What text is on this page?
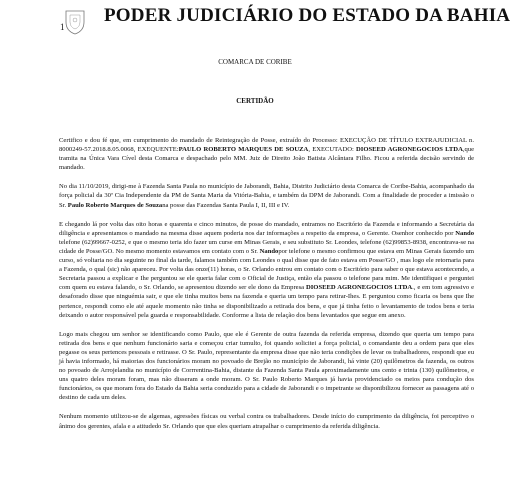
1
PODER JUDICIÁRIO DO ESTADO DA BAHIA
COMARCA DE CORIBE
CERTIDÃO

Certifico e dou fé que, em cumprimento do mandado de Reintegração de Posse, extraído do Processo: EXECUÇÃO DE TÍTULO EXTRAJUDICIAL n. 8000249-57.2018.8.05.0068, EXEQUENTE:PAULO ROBERTO MARQUES DE SOUZA, EXECUTADO: DIOSEED AGRONEGOCIOS LTDA,que tramita na Única Vara Cível desta Comarca e despachado pelo MM. Juiz de Direito João Batista Alcântara Filho. Ficou a referida decisão servindo de mandado.

No dia 11/10/2019, dirigi-me à Fazenda Santa Paula no município de Jaborandi, Bahia, Distrito Judiciário desta Comarca de Coribe-Bahia, acompanhado da força policial da 30ª Cia Independente da PM de Santa Maria da Vitória-Bahia, e também da DPM de Jaborandi. Com a finalidade de proceder a imissão o Sr. Paulo Roberto Marques de Souzana posse das Fazendas Santa Paula I, II, III e IV.

E chegando lá por volta das oito horas e quarenta e cinco minutos, de posse do mandado, entramos no Escritório da Fazenda e informando a Secretária da diligência e apresentamos o mandado na mesma disse aquem poderia nos dar informações a respeito da empresa, o Gerente. Osenhor conhecido por Nando telefone (62)99667-0252, e que o mesmo teria ido fazer um curse em Minas Gerais, e seu substituto Sr. Leondes, telefone (62)99853-8938, encontrava-se na cidade de Posse/GO. No mesmo momento estavamos em contato com o Sr. Nandopor telefone o mesmo confirmou que estava em Minas Gerais fazendo um curso, só voltaria no dia seguinte no final da tarde, falamos também com Leondes o qual disse que de fato estava em Posse/GO , mas logo ele retornaria para a Fazenda, o qual (sic) não apareceu. Por volta das onze(11) horas, o Sr. Orlando entrou em contato com o Escritório para saber o que estava acontecendo, a Secretaria passou a explicar e Ihe perguntou se ele queria falar com o Oficial de Justiça, então ela passou o telefone para mim. Me identifiquei e perguntei com quem eu estava falando, o Sr. Orlando, se apresentou dizendo ser ele dono da Empresa DIOSEED AGRONEGOCIOS LTDA., e em tom agressivo e desaforado disse que ninguémia sair, e que ele tinha muitos bens na fazenda e queria um tempo para retirar-Ihes. E perguntou como ficaria os bens que Ihe pertence, respondi como ele até aquele momento não tinha se disponibilizado a retirada dos bens, e que já tinha feito o levantamento de todos bens e teria deixando o autor responsável pela guarda e responsabilidade. Conforme a lista de relação dos bens levantados que segue em anexo.

Logo mais chegou um senhor se identificando como Paulo, que ele é Gerente de outra fazenda da referida empresa, dizendo que queria um tempo para retirada dos bens e que nenhum funcionário saria e começou criar tumulto, foi quando solicitei a força policial, o comandante deu a ordem para que eles pegasse os seus pertences pessoais e retirasse. O Sr. Paulo, representante da empresa disse que não teria condições de levar os trabalhadores, respondi que eu já havia informado, há maiorias dos funcionários moram no povoado de Brejão no município de Jaborandi, há vinte (20) quilômetros da fazenda, os outros no povoado de Arrojelandia no município de Corrrentina-Bahia, distante da Fazenda Santa Paula aproximadamente uns cento e trinta (130) quilômetros, e uns quatro deles moram foram, mas não disseram a onde moram. O Sr. Paulo Roberto Marques já havia providenciado os meios para condução dos funcionários, os que moram fora do Estado da Bahia seria conduzido para a cidade de Jaborandi e o impetrante se disponibilizou fornecer as passagens até o destino de cada um deles.

Nenhum momento utilizou-se de algemas, agressões físicas ou verbal contra os trabalhadores. Desde início do cumprimento da diligência, foi perceptivo o ânimo dos gerentes, afala e a atitudedo Sr. Orlando que que eles queriam atrapalhar o cumprimento da referida diligência.
